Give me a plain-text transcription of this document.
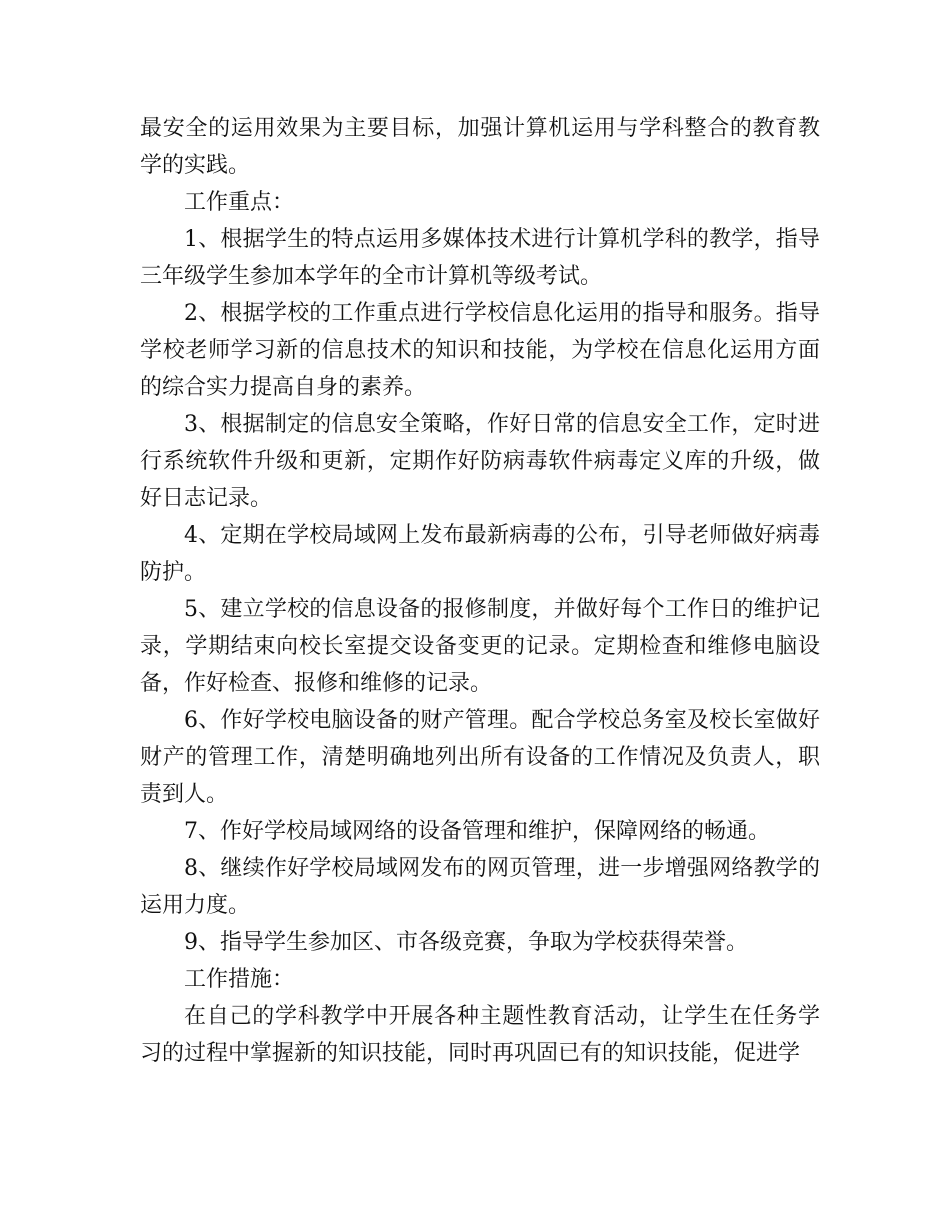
最安全的运用效果为主要目标，加强计算机运用与学科整合的教育教学的实践。

工作重点：

1、根据学生的特点运用多媒体技术进行计算机学科的教学，指导三年级学生参加本学年的全市计算机等级考试。

2、根据学校的工作重点进行学校信息化运用的指导和服务。指导学校老师学习新的信息技术的知识和技能，为学校在信息化运用方面的综合实力提高自身的素养。

3、根据制定的信息安全策略，作好日常的信息安全工作，定时进行系统软件升级和更新，定期作好防病毒软件病毒定义库的升级，做好日志记录。

4、定期在学校局域网上发布最新病毒的公布，引导老师做好病毒防护。

5、建立学校的信息设备的报修制度，并做好每个工作日的维护记录，学期结束向校长室提交设备变更的记录。定期检查和维修电脑设备，作好检查、报修和维修的记录。

6、作好学校电脑设备的财产管理。配合学校总务室及校长室做好财产的管理工作，清楚明确地列出所有设备的工作情况及负责人，职责到人。

7、作好学校局域网络的设备管理和维护，保障网络的畅通。

8、继续作好学校局域网发布的网页管理，进一步增强网络教学的运用力度。

9、指导学生参加区、市各级竞赛，争取为学校获得荣誉。

工作措施：

在自己的学科教学中开展各种主题性教育活动，让学生在任务学习的过程中掌握新的知识技能，同时再巩固已有的知识技能，促进学
